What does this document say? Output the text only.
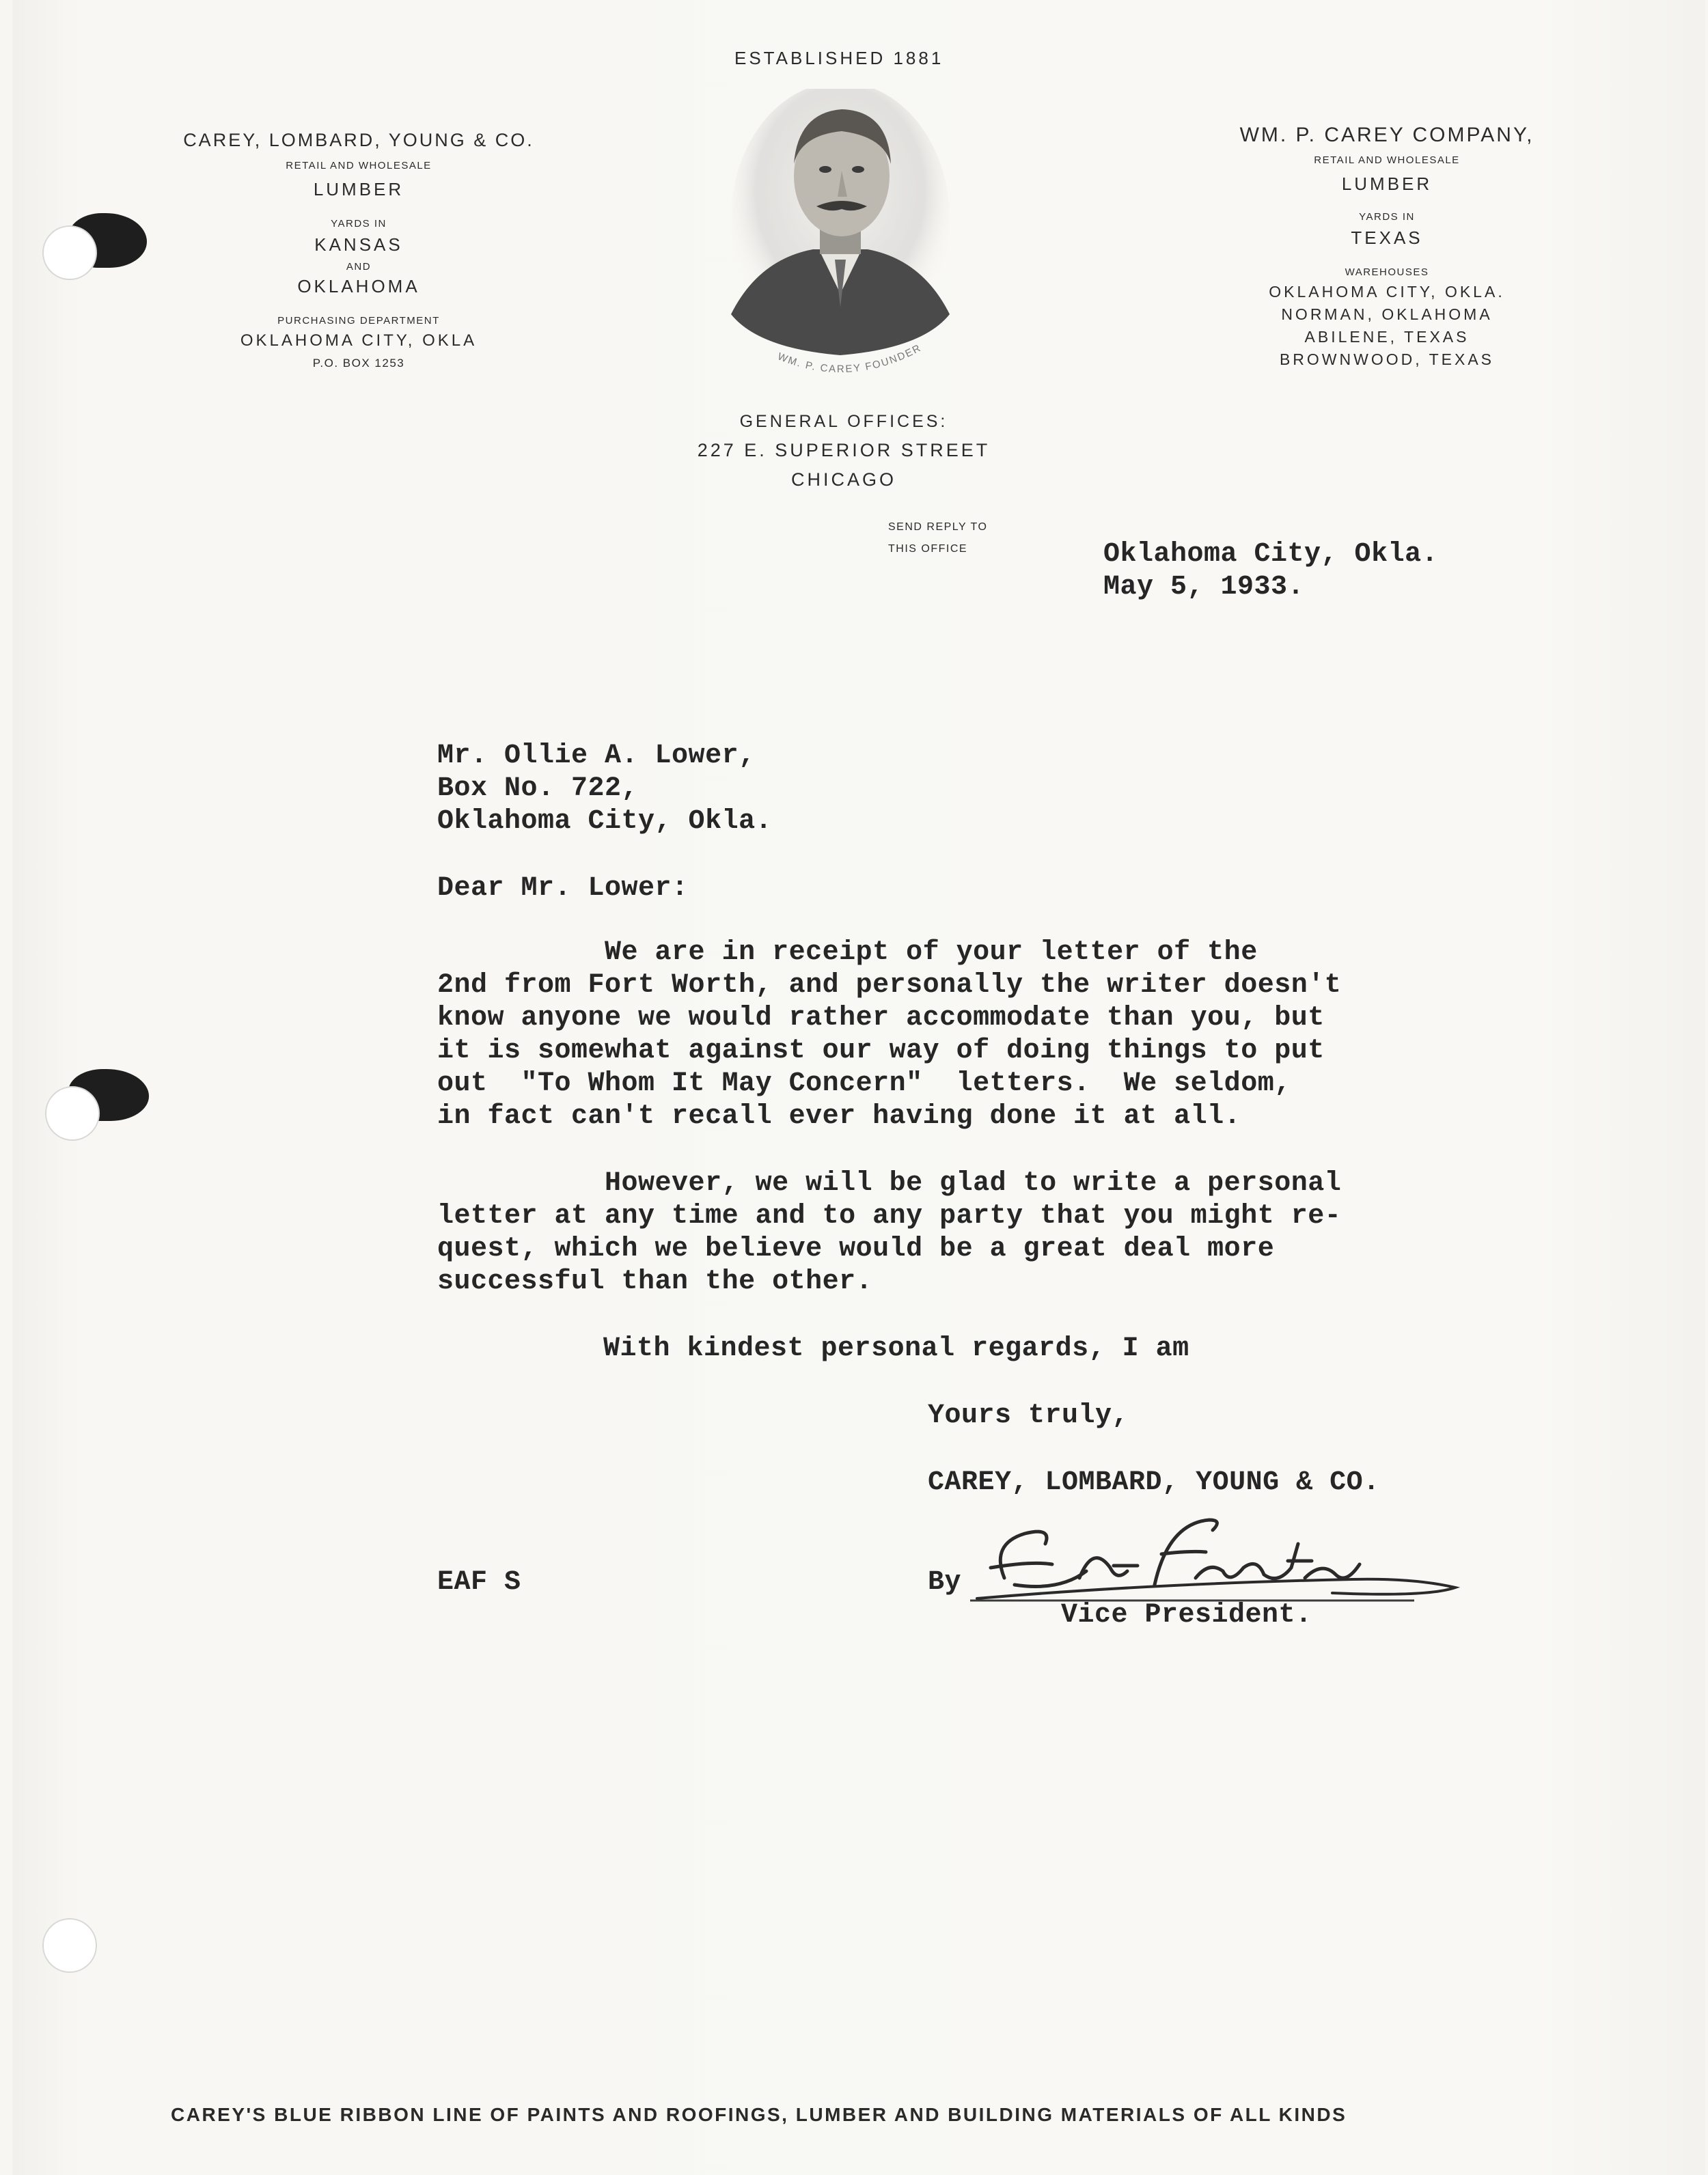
ESTABLISHED 1881
CAREY, LOMBARD, YOUNG & CO.
RETAIL AND WHOLESALE
LUMBER
YARDS IN
KANSAS
AND
OKLAHOMA
PURCHASING DEPARTMENT
OKLAHOMA CITY, OKLA
P.O. BOX 1253	WM. P. CAREY FOUNDER
GENERAL OFFICES:
227 E. SUPERIOR STREET
CHICAGO
WM. P. CAREY COMPANY,
RETAIL AND WHOLESALE
LUMBER
YARDS IN
TEXAS
WAREHOUSES
OKLAHOMA CITY, OKLA.
NORMAN, OKLAHOMA
ABILENE, TEXAS
BROWNWOOD, TEXAS
SEND REPLY TO
THIS OFFICE	Oklahoma City, Okla.
May 5, 1933.
Mr. Ollie A. Lower,
Box No. 722,
Oklahoma City, Okla.
Dear Mr. Lower:
We are in receipt of your letter of the
2nd from Fort Worth, and personally the writer doesn't
know anyone we would rather accommodate than you, but
it is somewhat against our way of doing things to put
out  "To Whom It May Concern"  letters.  We seldom,
in fact can't recall ever having done it at all.
However, we will be glad to write a personal
letter at any time and to any party that you might re-
quest, which we believe would be a great deal more
successful than the other.
With kindest personal regards, I am
Yours truly,
CAREY, LOMBARD, YOUNG & CO.
By
Vice President.
EAF S
CAREY'S BLUE RIBBON LINE OF PAINTS AND ROOFINGS, LUMBER AND BUILDING MATERIALS OF ALL KINDS
